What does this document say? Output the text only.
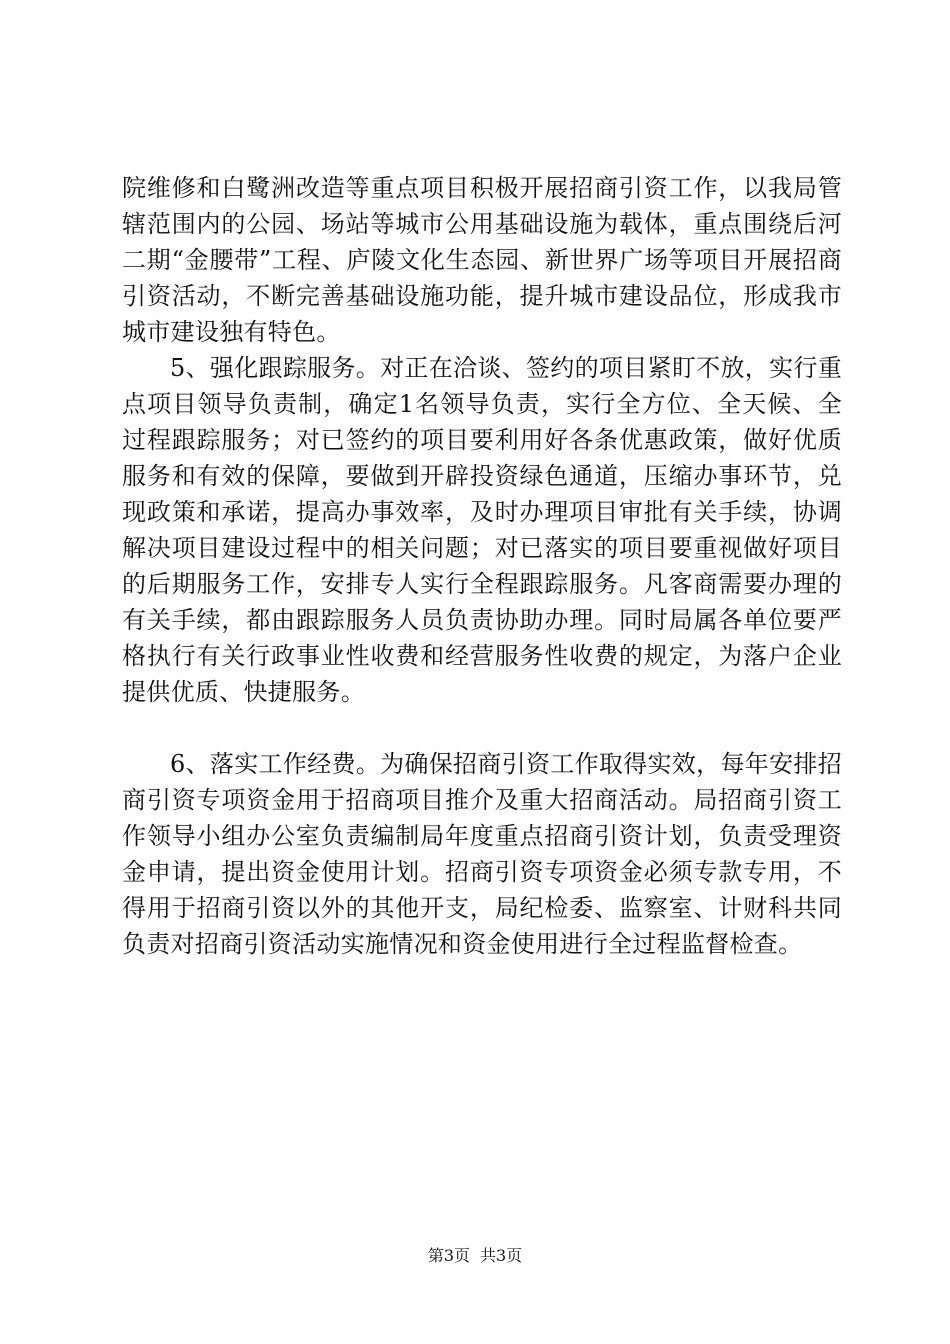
院维修和白鹭洲改造等重点项目积极开展招商引资工作，以我局管辖范围内的公园、场站等城市公用基础设施为载体，重点围绕后河二期“金腰带”工程、庐陵文化生态园、新世界广场等项目开展招商引资活动，不断完善基础设施功能，提升城市建设品位，形成我市城市建设独有特色。

5、强化跟踪服务。对正在洽谈、签约的项目紧盯不放，实行重点项目领导负责制，确定1名领导负责，实行全方位、全天候、全过程跟踪服务；对已签约的项目要利用好各条优惠政策，做好优质服务和有效的保障，要做到开辟投资绿色通道，压缩办事环节，兑现政策和承诺，提高办事效率，及时办理项目审批有关手续，协调解决项目建设过程中的相关问题；对已落实的项目要重视做好项目的后期服务工作，安排专人实行全程跟踪服务。凡客商需要办理的有关手续，都由跟踪服务人员负责协助办理。同时局属各单位要严格执行有关行政事业性收费和经营服务性收费的规定，为落户企业提供优质、快捷服务。

6、落实工作经费。为确保招商引资工作取得实效，每年安排招商引资专项资金用于招商项目推介及重大招商活动。局招商引资工作领导小组办公室负责编制局年度重点招商引资计划，负责受理资金申请，提出资金使用计划。招商引资专项资金必须专款专用，不得用于招商引资以外的其他开支，局纪检委、监察室、计财科共同负责对招商引资活动实施情况和资金使用进行全过程监督检查。

第3页 共3页
